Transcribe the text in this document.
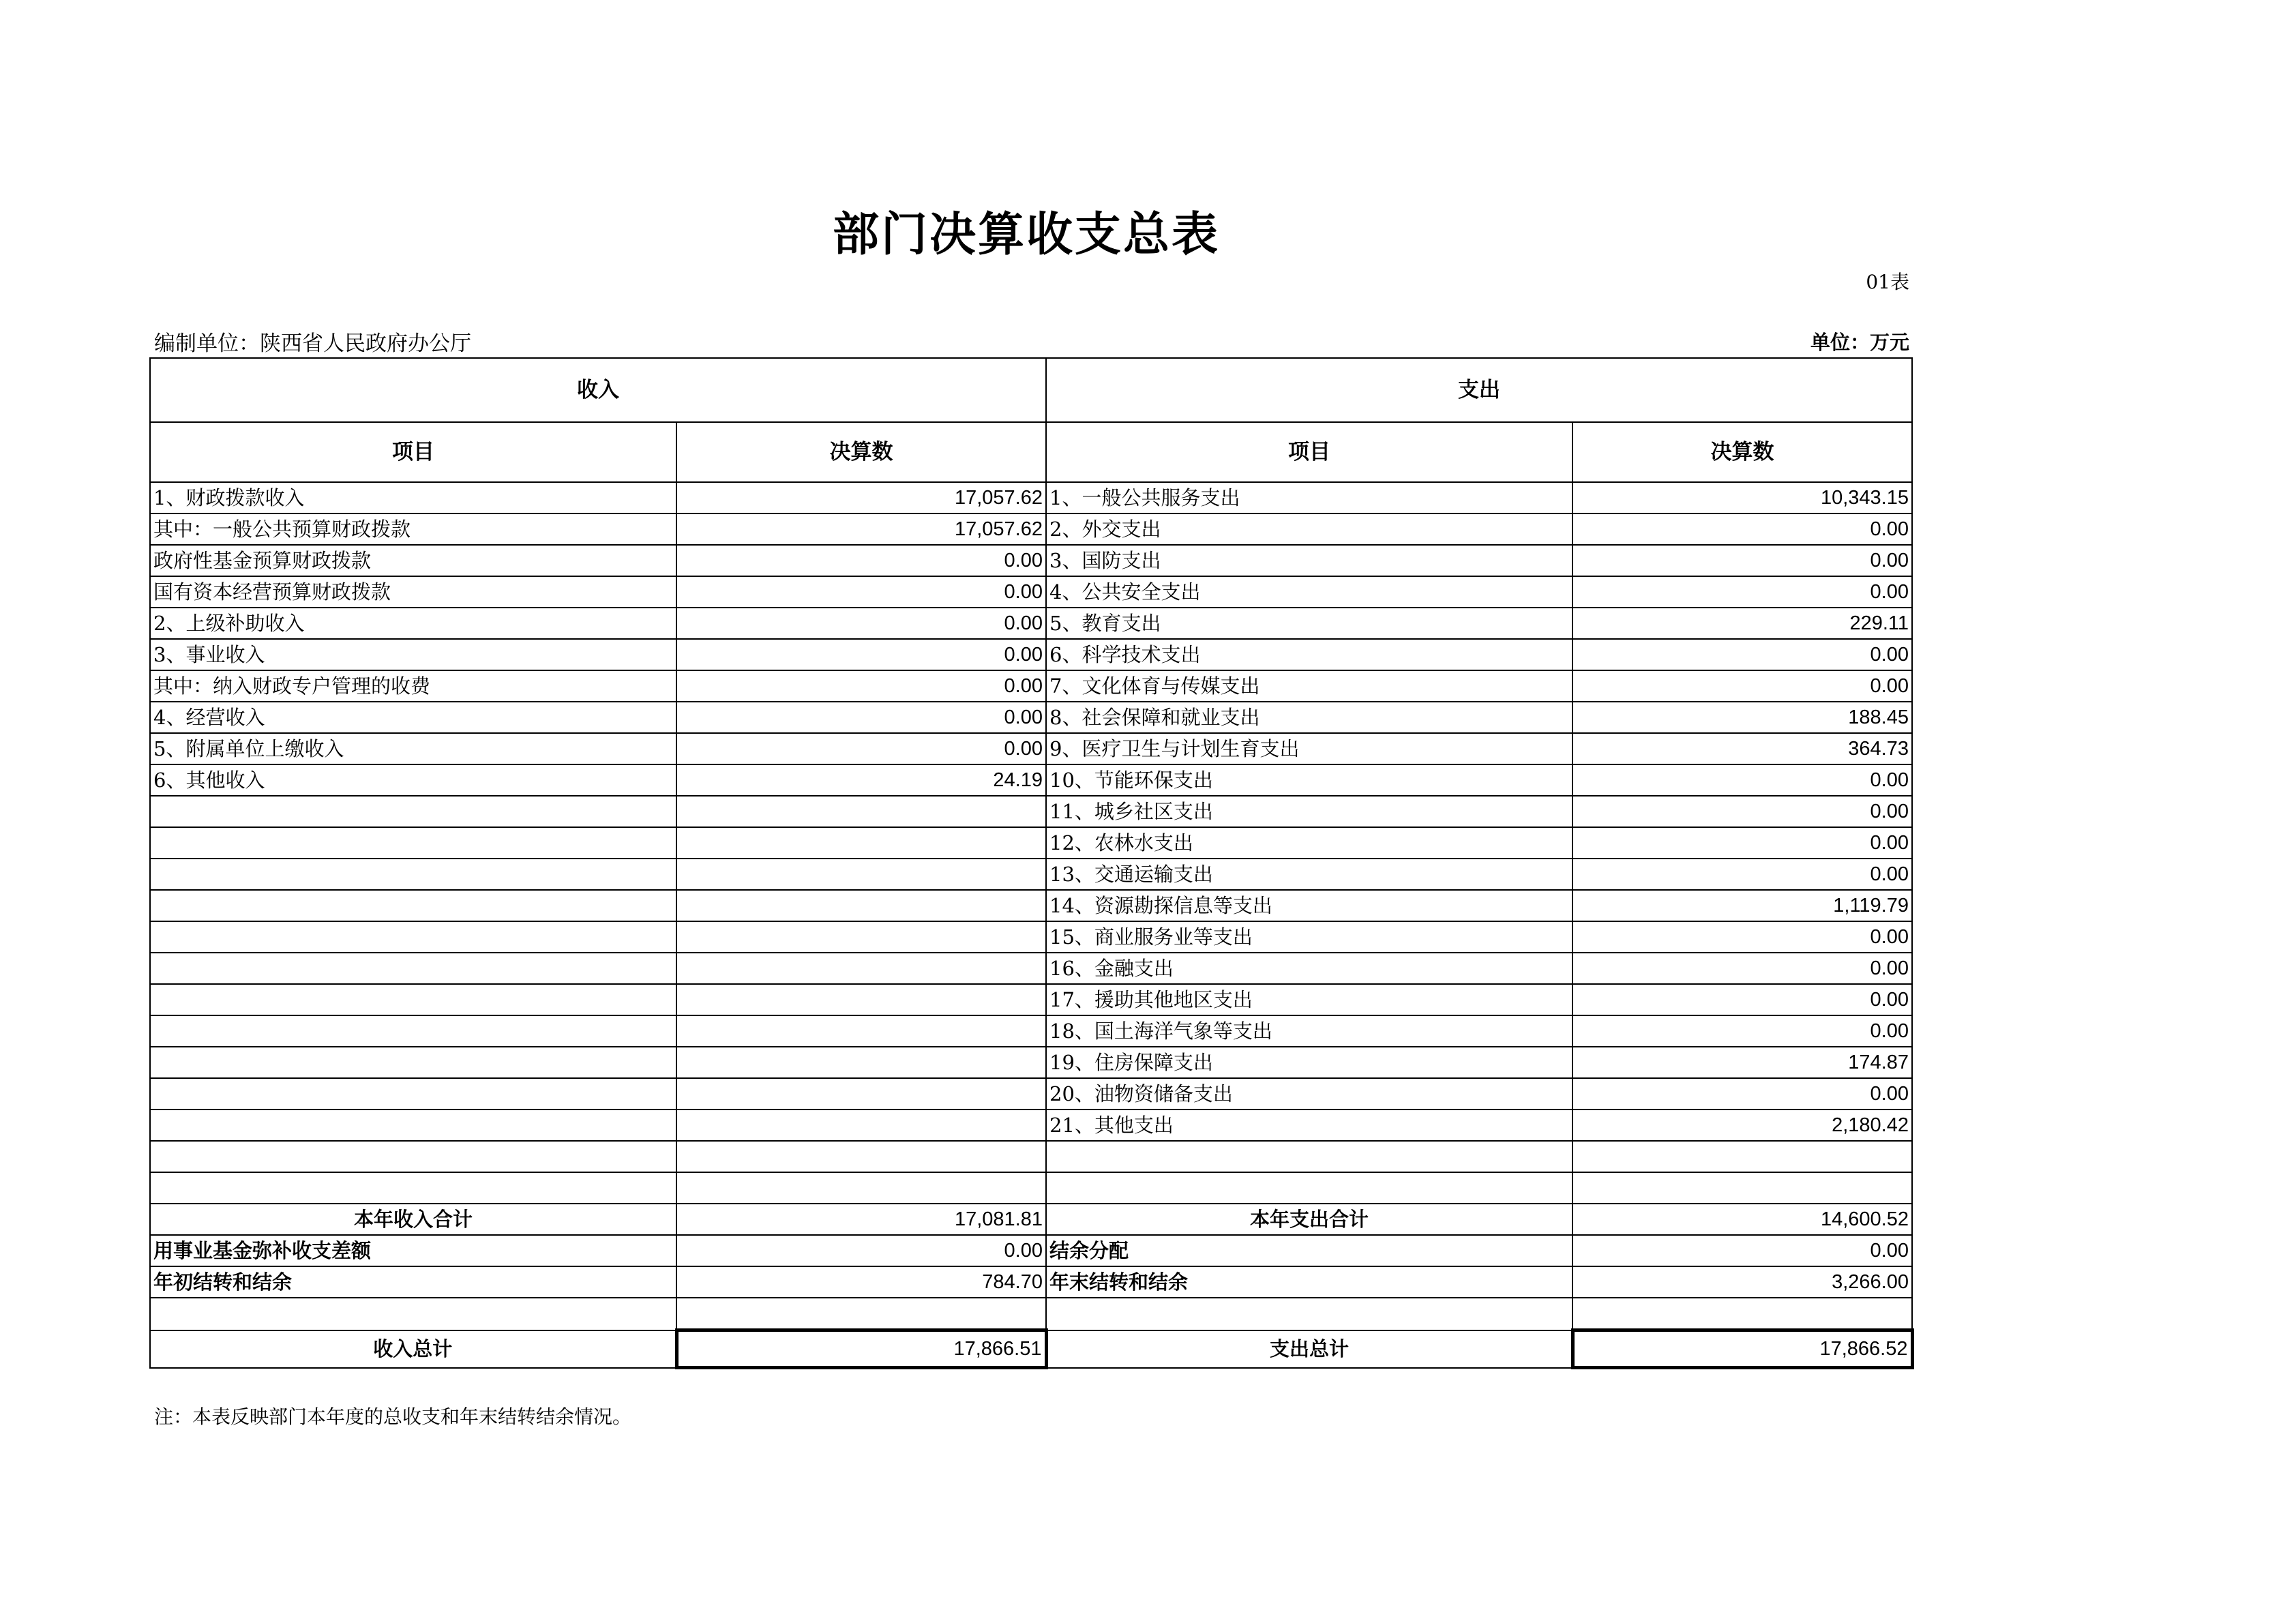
部门决算收支总表
01表
编制单位：陕西省人民政府办公厅	单位：万元
收入		支出	
项目	决算数	项目	决算数
1、财政拨款收入	17,057.62	1、一般公共服务支出	10,343.15
其中：一般公共预算财政拨款	17,057.62	2、外交支出	0.00
政府性基金预算财政拨款	0.00	3、国防支出	0.00
国有资本经营预算财政拨款	0.00	4、公共安全支出	0.00
2、上级补助收入	0.00	5、教育支出	229.11
3、事业收入	0.00	6、科学技术支出	0.00
其中：纳入财政专户管理的收费	0.00	7、文化体育与传媒支出	0.00
4、经营收入	0.00	8、社会保障和就业支出	188.45
5、附属单位上缴收入	0.00	9、医疗卫生与计划生育支出	364.73
6、其他收入	24.19	10、节能环保支出	0.00
		11、城乡社区支出	0.00
		12、农林水支出	0.00
		13、交通运输支出	0.00
		14、资源勘探信息等支出	1,119.79
		15、商业服务业等支出	0.00
		16、金融支出	0.00
		17、援助其他地区支出	0.00
		18、国土海洋气象等支出	0.00
		19、住房保障支出	174.87
		20、油物资储备支出	0.00
		21、其他支出	2,180.42

本年收入合计	17,081.81	本年支出合计	14,600.52
用事业基金弥补收支差额	0.00	结余分配	0.00
年初结转和结余	784.70	年末结转和结余	3,266.00

收入总计	17,866.51	支出总计	17,866.52
注：本表反映部门本年度的总收支和年末结转结余情况。
